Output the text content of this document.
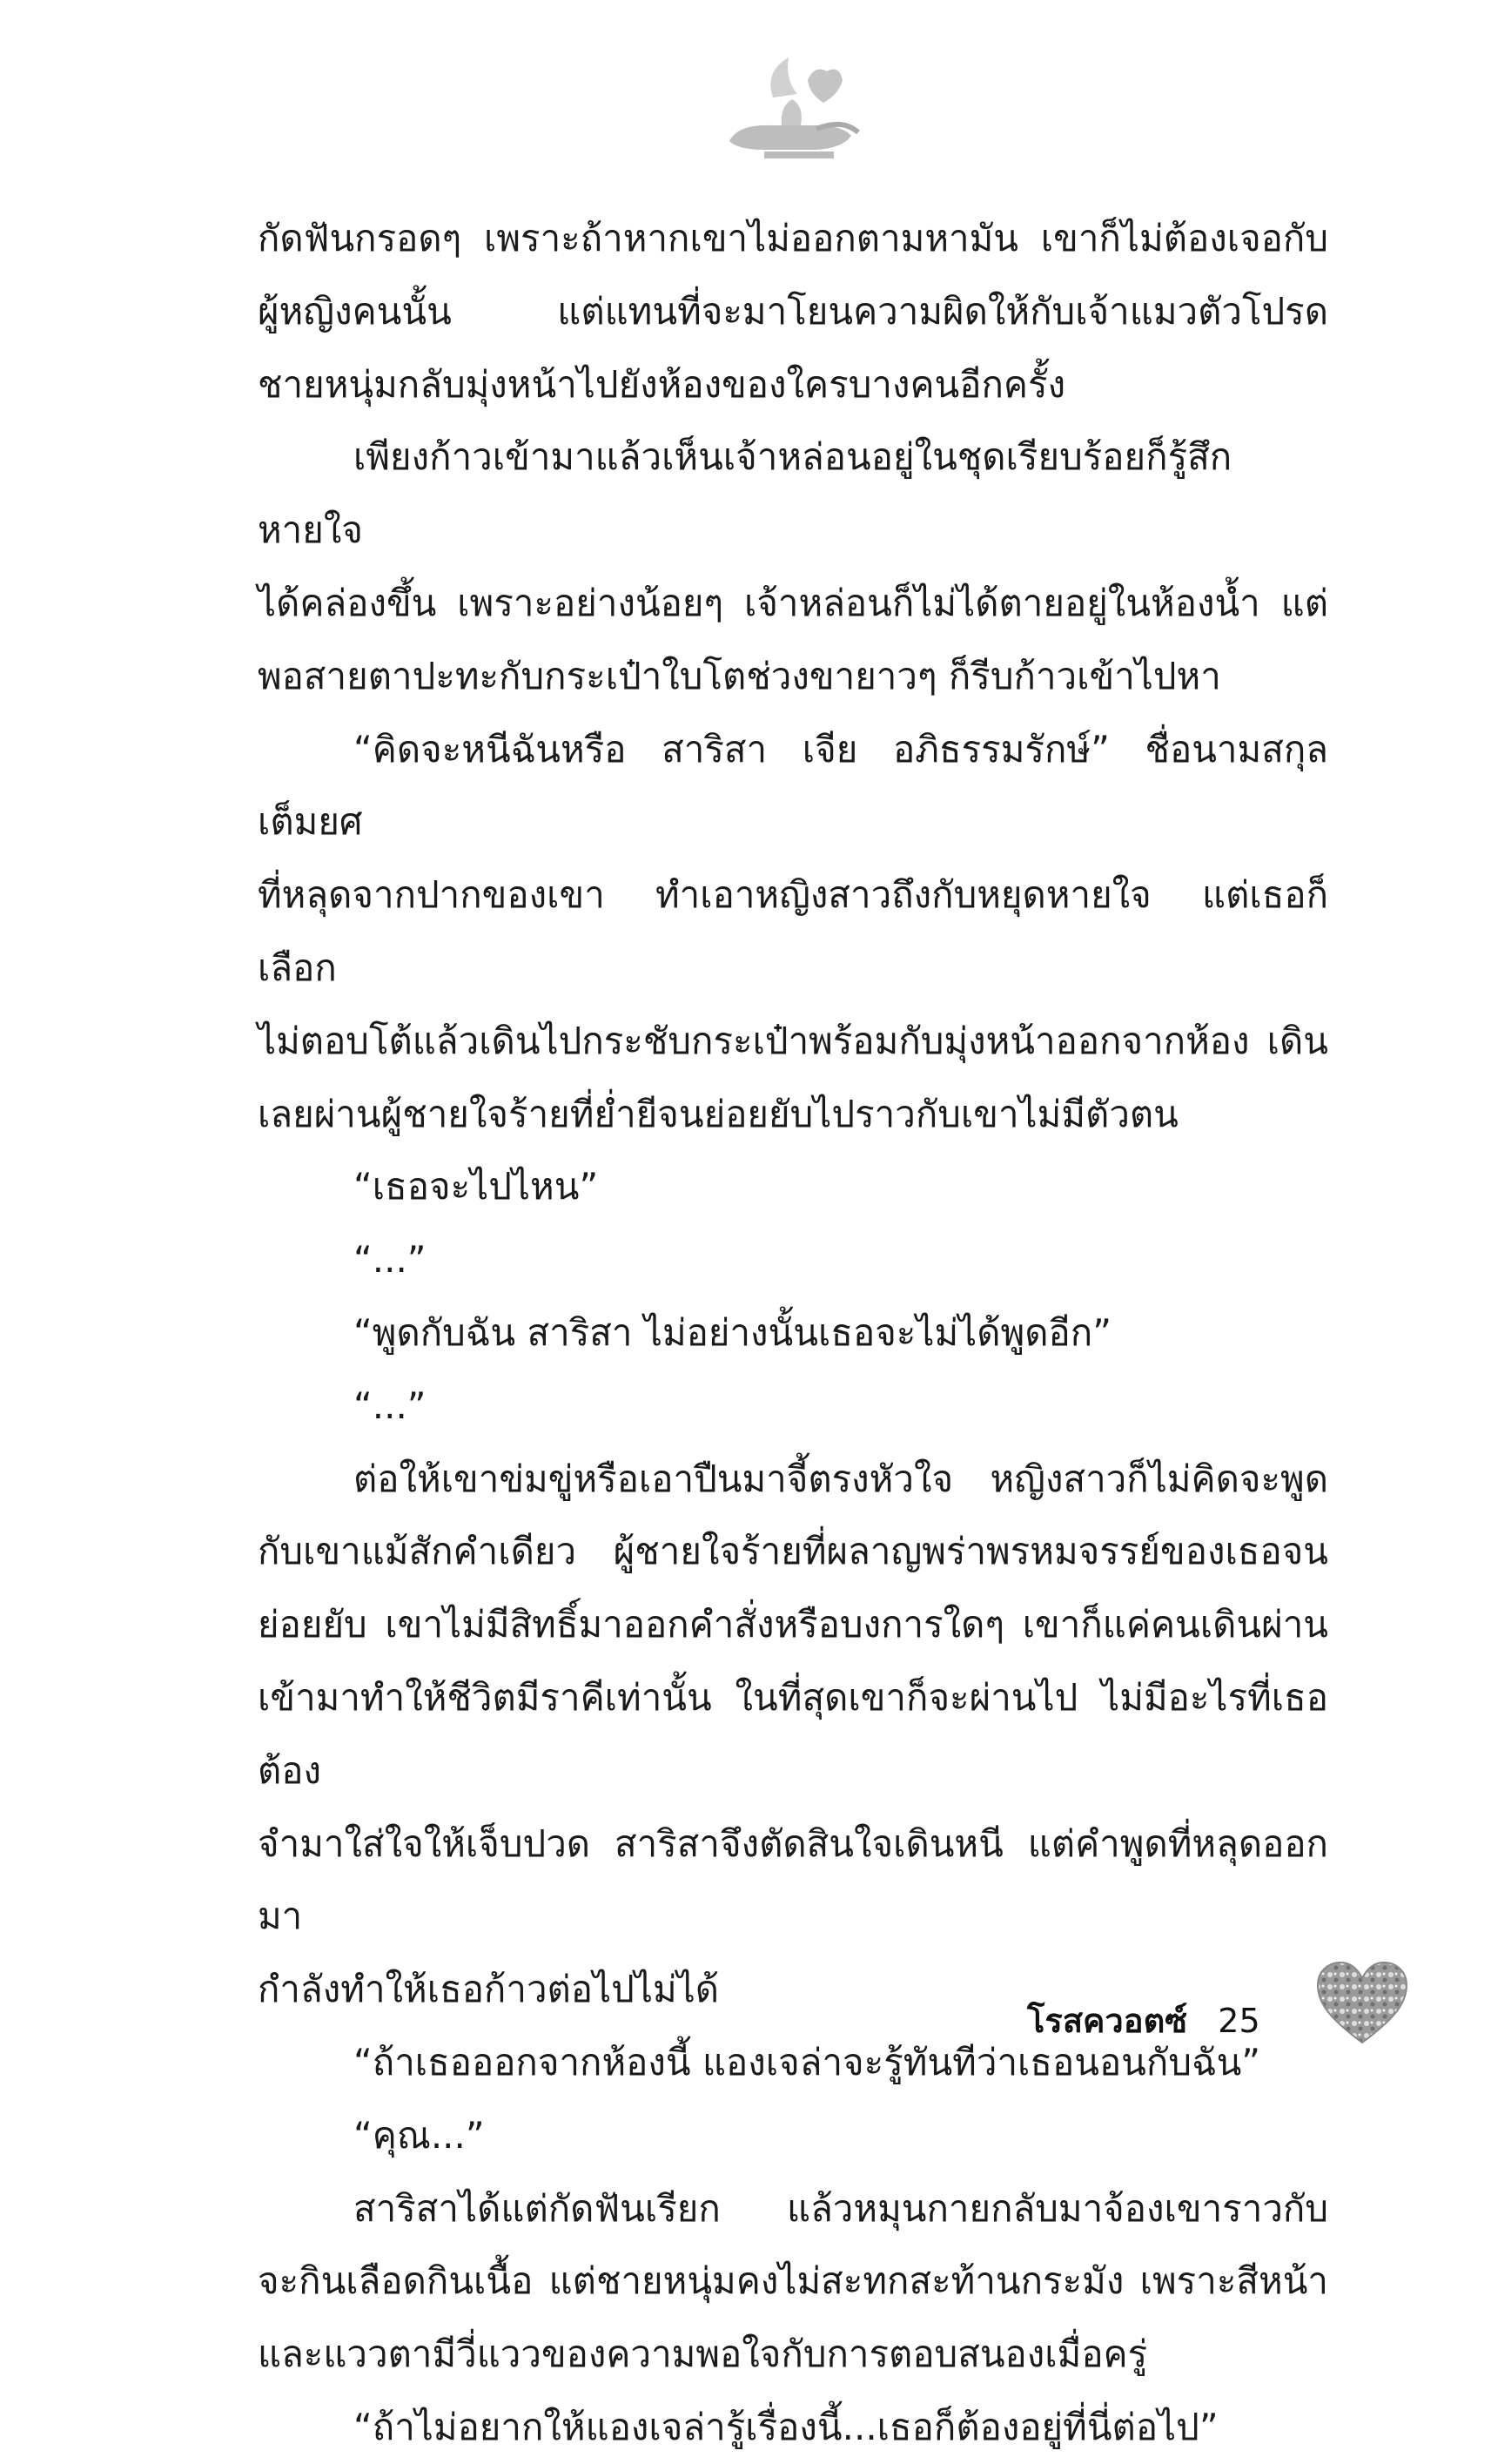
กัดฟันกรอดๆ เพราะถ้าหากเขาไม่ออกตามหามัน เขาก็ไม่ต้องเจอกับ

ผู้หญิงคนนั้น แต่แทนที่จะมาโยนความผิดให้กับเจ้าแมวตัวโปรด

ชายหนุ่มกลับมุ่งหน้าไปยังห้องของใครบางคนอีกครั้ง

เพียงก้าวเข้ามาแล้วเห็นเจ้าหล่อนอยู่ในชุดเรียบร้อยก็รู้สึกหายใจ

ได้คล่องขึ้น เพราะอย่างน้อยๆ เจ้าหล่อนก็ไม่ได้ตายอยู่ในห้องน้ำ แต่

พอสายตาปะทะกับกระเป๋าใบโตช่วงขายาวๆ ก็รีบก้าวเข้าไปหา

“คิดจะหนีฉันหรือ สาริสา เจีย อภิธรรมรักษ์” ชื่อนามสกุลเต็มยศ

ที่หลุดจากปากของเขา ทำเอาหญิงสาวถึงกับหยุดหายใจ แต่เธอก็เลือก

ไม่ตอบโต้แล้วเดินไปกระชับกระเป๋าพร้อมกับมุ่งหน้าออกจากห้อง เดิน

เลยผ่านผู้ชายใจร้ายที่ย่ำยีจนย่อยยับไปราวกับเขาไม่มีตัวตน

“เธอจะไปไหน”

“...”

“พูดกับฉัน สาริสา ไม่อย่างนั้นเธอจะไม่ได้พูดอีก”

“...”

ต่อให้เขาข่มขู่หรือเอาปืนมาจี้ตรงหัวใจ หญิงสาวก็ไม่คิดจะพูด

กับเขาแม้สักคำเดียว ผู้ชายใจร้ายที่ผลาญพร่าพรหมจรรย์ของเธอจน

ย่อยยับ เขาไม่มีสิทธิ์มาออกคำสั่งหรือบงการใดๆ เขาก็แค่คนเดินผ่าน

เข้ามาทำให้ชีวิตมีราคีเท่านั้น ในที่สุดเขาก็จะผ่านไป ไม่มีอะไรที่เธอต้อง

จำมาใส่ใจให้เจ็บปวด สาริสาจึงตัดสินใจเดินหนี แต่คำพูดที่หลุดออกมา

กำลังทำให้เธอก้าวต่อไปไม่ได้

“ถ้าเธอออกจากห้องนี้ แองเจล่าจะรู้ทันทีว่าเธอนอนกับฉัน”

“คุณ...”

สาริสาได้แต่กัดฟันเรียก แล้วหมุนกายกลับมาจ้องเขาราวกับ

จะกินเลือดกินเนื้อ แต่ชายหนุ่มคงไม่สะทกสะท้านกระมัง เพราะสีหน้า

และแววตามีวี่แววของความพอใจกับการตอบสนองเมื่อครู่

“ถ้าไม่อยากให้แองเจล่ารู้เรื่องนี้...เธอก็ต้องอยู่ที่นี่ต่อไป”

โรสควอตซ์ 25
